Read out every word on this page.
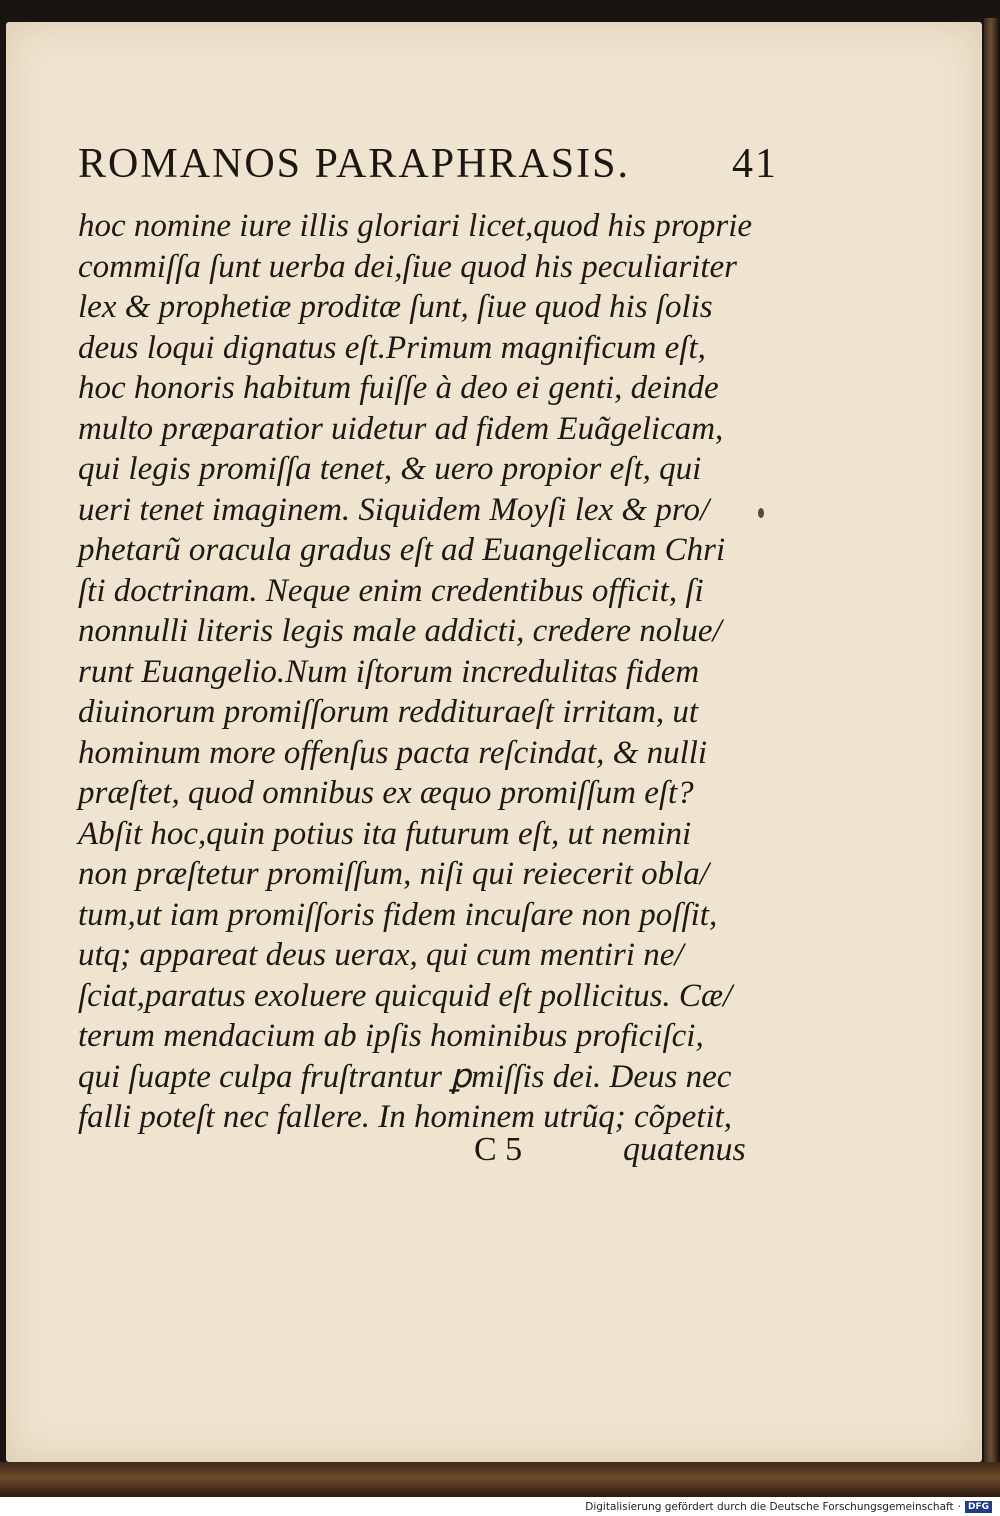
ROMANOS PARAPHRASIS. 41
hoc nomine iure illis gloriari licet,quod his proprie
commiſſa ſunt uerba dei,ſiue quod his peculiariter
lex & prophetiæ proditæ ſunt, ſiue quod his ſolis
deus loqui dignatus eſt.Primum magnificum eſt,
hoc honoris habitum fuiſſe à deo ei genti, deinde
multo præparatior uidetur ad fidem Euãgelicam,
qui legis promiſſa tenet, & uero propior eſt, qui
ueri tenet imaginem. Siquidem Moyſi lex & pro/
phetarũ oracula gradus eſt ad Euangelicam Chri
ſti doctrinam. Neque enim credentibus officit, ſi
nonnulli literis legis male addicti, credere nolue/
runt Euangelio.Num iſtorum incredulitas fidem
diuinorum promiſſorum reddituraeſt irritam, ut
hominum more offenſus pacta reſcindat, & nulli
præſtet, quod omnibus ex æquo promiſſum eſt?
Abſit hoc,quin potius ita futurum eſt, ut nemini
non præſtetur promiſſum, niſi qui reiecerit obla/
tum,ut iam promiſſoris fidem incuſare non poſſit,
utq; appareat deus uerax, qui cum mentiri ne/
ſciat,paratus exoluere quicquid eſt pollicitus. Cæ/
terum mendacium ab ipſis hominibus proficiſci,
qui ſuapte culpa fruſtrantur ꝑmiſſis dei. Deus nec
falli poteſt nec fallere. In hominem utrũq; cõpetit,
C 5	quatenus
Digitalisierung gefördert durch die Deutsche Forschungsgemeinschaft · DFG
